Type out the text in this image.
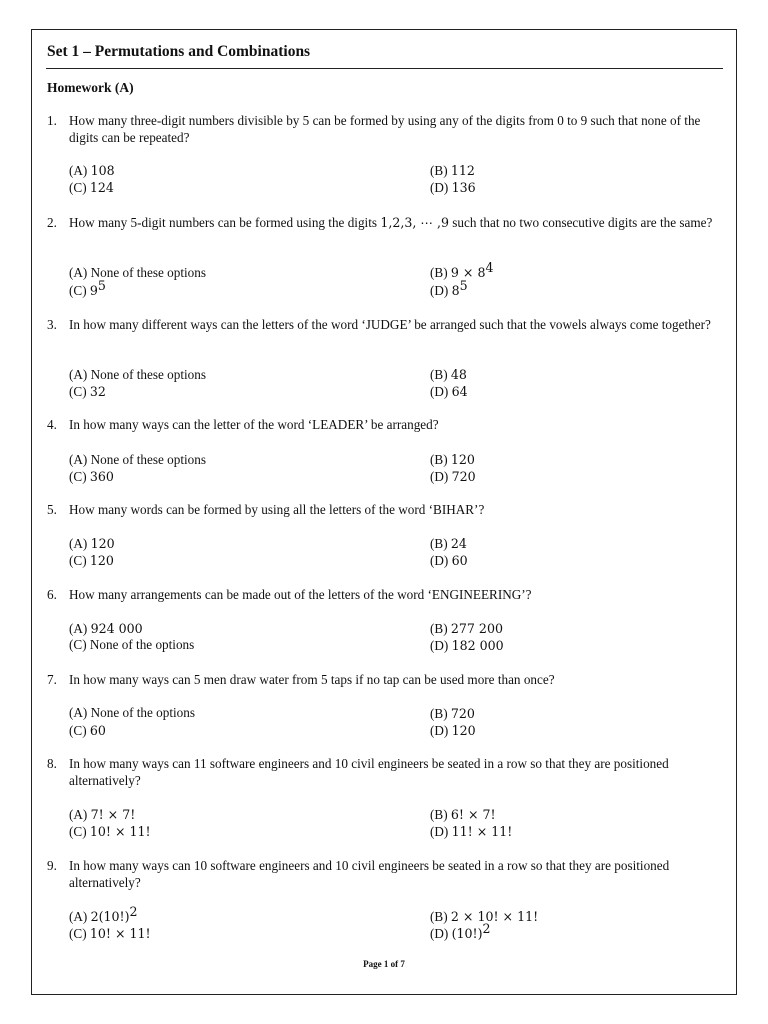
Set 1 – Permutations and Combinations
Homework (A)
1. How many three-digit numbers divisible by 5 can be formed by using any of the digits from 0 to 9 such that none of the digits can be repeated?
(A) 108	(B) 112
(C) 124	(D) 136
2. How many 5-digit numbers can be formed using the digits 1,2,3, ⋯ ,9 such that no two consecutive digits are the same?
(A) None of these options	(B) $9 \times 8^4$
(C) $9^5$	(D) $8^5$
3. In how many different ways can the letters of the word ‘JUDGE’ be arranged such that the vowels always come together?
(A) None of these options	(B) 48
(C) 32	(D) 64
4. In how many ways can the letter of the word ‘LEADER’ be arranged?
(A) None of these options	(B) 120
(C) 360	(D) 720
5. How many words can be formed by using all the letters of the word ‘BIHAR’?
(A) 120	(B) 24
(C) 120	(D) 60
6. How many arrangements can be made out of the letters of the word ‘ENGINEERING’?
(A) 924 000	(B) 277 200
(C) None of the options	(D) 182 000
7. In how many ways can 5 men draw water from 5 taps if no tap can be used more than once?
(A) None of the options	(B) 720
(C) 60	(D) 120
8. In how many ways can 11 software engineers and 10 civil engineers be seated in a row so that they are positioned alternatively?
(A) 7! × 7!	(B) 6! × 7!
(C) 10! × 11!	(D) 11! × 11!
9. In how many ways can 10 software engineers and 10 civil engineers be seated in a row so that they are positioned alternatively?
(A) $2(10!)^2$	(B) 2 × 10! × 11!
(C) 10! × 11!	(D) $(10!)^2$
Page 1 of 7
